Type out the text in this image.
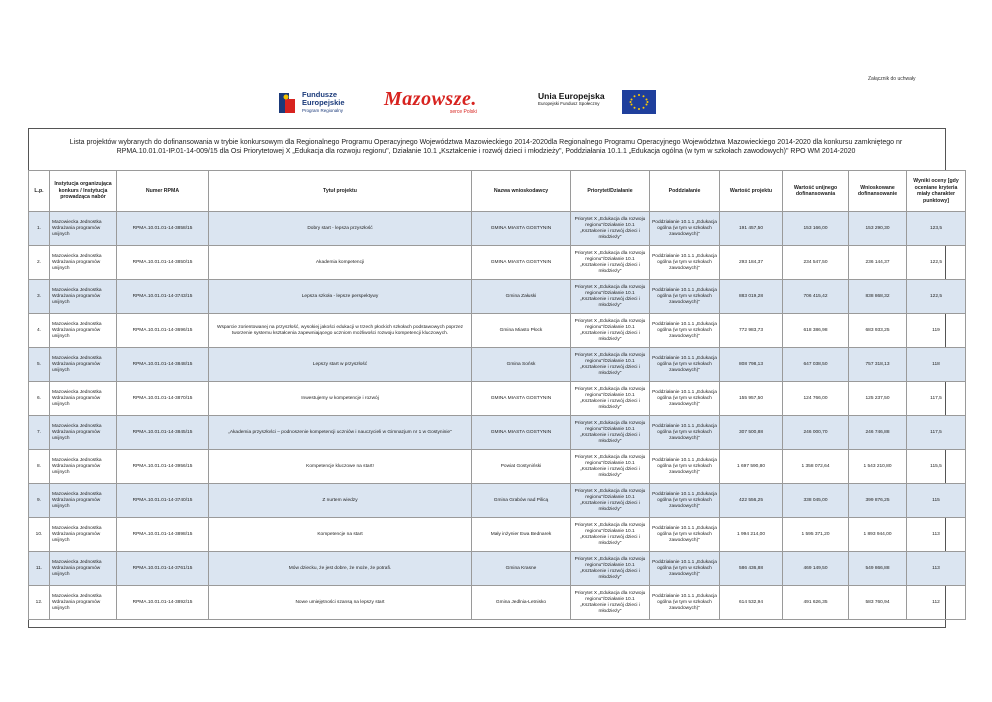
Załącznik do uchwały
Fundusze
Europejskie
Program Regionalny
Mazowsze.
serce Polski
Unia Europejska
Europejski Fundusz Społeczny
Lista projektów wybranych do dofinansowania w trybie konkursowym dla Regionalnego Programu Operacyjnego Województwa Mazowieckiego 2014-2020dla Regionalnego Programu Operacyjnego Województwa Mazowieckiego 2014-2020 dla konkursu zamkniętego nr
RPMA.10.01.01-IP.01-14-009/15 dla Osi Priorytetowej X „Edukacja dla rozwoju regionu", Działanie 10.1 „Kształcenie i rozwój dzieci i młodzieży", Poddziałania 10.1.1 „Edukacja ogólna (w tym w szkołach zawodowych)" RPO WM 2014-2020
L.p.	Instytucja organizująca konkurs / Instytucja prowadząca nabór	Numer RPMA	Tytuł projektu	Nazwa wnioskodawcy	Priorytet/Działanie	Poddziałanie	Wartość projektu	Wartość unijnego dofinansowania	Wnioskowane dofinansowanie	Wyniki oceny [gdy oceniane kryteria miały charakter punktowy]
1.	Mazowiecka Jednostka Wdrażania programów unijnych	RPMA.10.01.01-14-3858/15	Dobry start - lepsza przyszłość	GMINA MIASTA GOSTYNIN	Priorytet X „Edukacja dla rozwoju regionu"/Działanie 10.1 „Kształcenie i rozwój dzieci i młodzieży"	Poddziałanie 10.1.1 „Edukacja ogólna (w tym w szkołach zawodowych)"	191 457,50	153 166,00	153 290,30	123,5
2.	Mazowiecka Jednostka Wdrażania programów unijnych	RPMA.10.01.01-14-3850/15	Akademia kompetencji	GMINA MIASTA GOSTYNIN	Priorytet X „Edukacja dla rozwoju regionu"/Działanie 10.1 „Kształcenie i rozwój dzieci i młodzieży"	Poddziałanie 10.1.1 „Edukacja ogólna (w tym w szkołach zawodowych)"	293 184,37	234 547,50	236 144,37	122,5
3.	Mazowiecka Jednostka Wdrażania programów unijnych	RPMA.10.01.01-14-3743/15	Lepsza szkoła - lepsze perspektywy	Gmina Załuski	Priorytet X „Edukacja dla rozwoju regionu"/Działanie 10.1 „Kształcenie i rozwój dzieci i młodzieży"	Poddziałanie 10.1.1 „Edukacja ogólna (w tym w szkołach zawodowych)"	883 019,28	706 415,42	838 868,32	122,5
4.	Mazowiecka Jednostka Wdrażania programów unijnych	RPMA.10.01.01-14-3696/15	Wsparcie zorientowanej na przyszłość, wysokiej jakości edukacji w trzech płockich szkołach podstawowych poprzez tworzenie systemu kształcenia zapewniającego uczniom możliwości rozwoju kompetencji kluczowych.	Gmina Miasto Płock	Priorytet X „Edukacja dla rozwoju regionu"/Działanie 10.1 „Kształcenie i rozwój dzieci i młodzieży"	Poddziałanie 10.1.1 „Edukacja ogólna (w tym w szkołach zawodowych)"	772 983,73	618 386,98	683 933,25	119
5.	Mazowiecka Jednostka Wdrażania programów unijnych	RPMA.10.01.01-14-3848/15	Lepszy start w przyszłość	Gmina Sońsk	Priorytet X „Edukacja dla rozwoju regionu"/Działanie 10.1 „Kształcenie i rozwój dzieci i młodzieży"	Poddziałanie 10.1.1 „Edukacja ogólna (w tym w szkołach zawodowych)"	808 798,13	647 038,50	757 318,13	118
6.	Mazowiecka Jednostka Wdrażania programów unijnych	RPMA.10.01.01-14-3870/15	Inwestujemy w kompetencje i rozwój	GMINA MIASTA GOSTYNIN	Priorytet X „Edukacja dla rozwoju regionu"/Działanie 10.1 „Kształcenie i rozwój dzieci i młodzieży"	Poddziałanie 10.1.1 „Edukacja ogólna (w tym w szkołach zawodowych)"	155 957,50	124 766,00	125 237,50	117,5
7.	Mazowiecka Jednostka Wdrażania programów unijnych	RPMA.10.01.01-14-3845/15	„Akademia przyszłości – podnoszenie kompetencji uczniów i nauczycieli w Gimnazjum nr 1 w Gostyninie"	GMINA MIASTA GOSTYNIN	Priorytet X „Edukacja dla rozwoju regionu"/Działanie 10.1 „Kształcenie i rozwój dzieci i młodzieży"	Poddziałanie 10.1.1 „Edukacja ogólna (w tym w szkołach zawodowych)"	307 500,88	246 000,70	246 746,88	117,5
8.	Mazowiecka Jednostka Wdrażania programów unijnych	RPMA.10.01.01-14-3956/15	Kompetencje kluczowe na start!	Powiat Gostyniński	Priorytet X „Edukacja dla rozwoju regionu"/Działanie 10.1 „Kształcenie i rozwój dzieci i młodzieży"	Poddziałanie 10.1.1 „Edukacja ogólna (w tym w szkołach zawodowych)"	1 697 590,80	1 358 072,64	1 543 210,80	115,5
9.	Mazowiecka Jednostka Wdrażania programów unijnych	RPMA.10.01.01-14-3740/15	Z nurtem wiedzy	Gmina Grabów nad Pilicą	Priorytet X „Edukacja dla rozwoju regionu"/Działanie 10.1 „Kształcenie i rozwój dzieci i młodzieży"	Poddziałanie 10.1.1 „Edukacja ogólna (w tym w szkołach zawodowych)"	422 556,25	338 045,00	399 876,25	115
10.	Mazowiecka Jednostka Wdrażania programów unijnych	RPMA.10.01.01-14-3898/15	Kompetencje na start	Mały inżynier Ewa Bednarek	Priorytet X „Edukacja dla rozwoju regionu"/Działanie 10.1 „Kształcenie i rozwój dzieci i młodzieży"	Poddziałanie 10.1.1 „Edukacja ogólna (w tym w szkołach zawodowych)"	1 994 214,00	1 595 371,20	1 893 944,00	113
11.	Mazowiecka Jednostka Wdrażania programów unijnych	RPMA.10.01.01-14-3761/15	Mów dziecku, że jest dobre, że może, że potrafi.	Gmina Krasne	Priorytet X „Edukacja dla rozwoju regionu"/Działanie 10.1 „Kształcenie i rozwój dzieci i młodzieży"	Poddziałanie 10.1.1 „Edukacja ogólna (w tym w szkołach zawodowych)"	586 436,88	469 149,50	549 866,88	113
12.	Mazowiecka Jednostka Wdrażania programów unijnych	RPMA.10.01.01-14-3892/15	Nowe umiejętności szansą na lepszy start	Gmina Jedlnia-Letnisko	Priorytet X „Edukacja dla rozwoju regionu"/Działanie 10.1 „Kształcenie i rozwój dzieci i młodzieży"	Poddziałanie 10.1.1 „Edukacja ogólna (w tym w szkołach zawodowych)"	614 532,94	491 626,35	583 760,94	112
